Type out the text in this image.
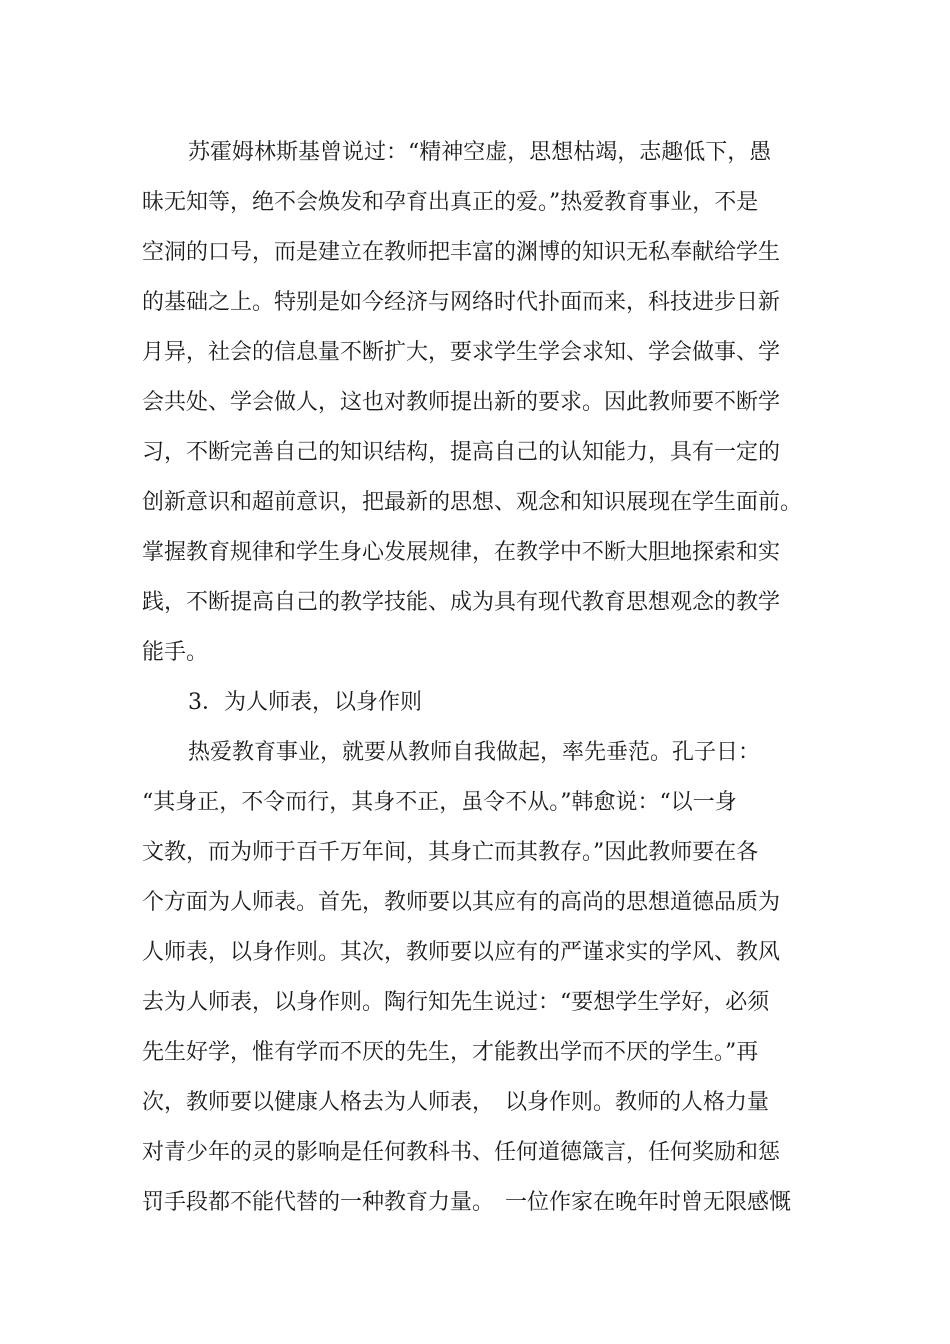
苏霍姆林斯基曾说过：“精神空虚，思想枯竭，志趣低下，愚
昧无知等，绝不会焕发和孕育出真正的爱。”热爱教育事业，不是
空洞的口号，而是建立在教师把丰富的渊博的知识无私奉献给学生
的基础之上。特别是如今经济与网络时代扑面而来，科技进步日新
月异，社会的信息量不断扩大，要求学生学会求知、学会做事、学
会共处、学会做人，这也对教师提出新的要求。因此教师要不断学
习，不断完善自己的知识结构，提高自己的认知能力，具有一定的
创新意识和超前意识，把最新的思想、观念和知识展现在学生面前。
掌握教育规律和学生身心发展规律，在教学中不断大胆地探索和实
践，不断提高自己的教学技能、成为具有现代教育思想观念的教学
能手。
3．为人师表，以身作则
热爱教育事业，就要从教师自我做起，率先垂范。孔子日：
“其身正，不令而行，其身不正，虽令不从。”韩愈说：“以一身
文教，而为师于百千万年间，其身亡而其教存。”因此教师要在各
个方面为人师表。首先，教师要以其应有的高尚的思想道德品质为
人师表，以身作则。其次，教师要以应有的严谨求实的学风、教风
去为人师表，以身作则。陶行知先生说过：“要想学生学好，必须
先生好学，惟有学而不厌的先生，才能教出学而不厌的学生。”再
次，教师要以健康人格去为人师表，　以身作则。教师的人格力量
对青少年的灵的影响是任何教科书、任何道德箴言，任何奖励和惩
罚手段都不能代替的一种教育力量。　一位作家在晚年时曾无限感慨
